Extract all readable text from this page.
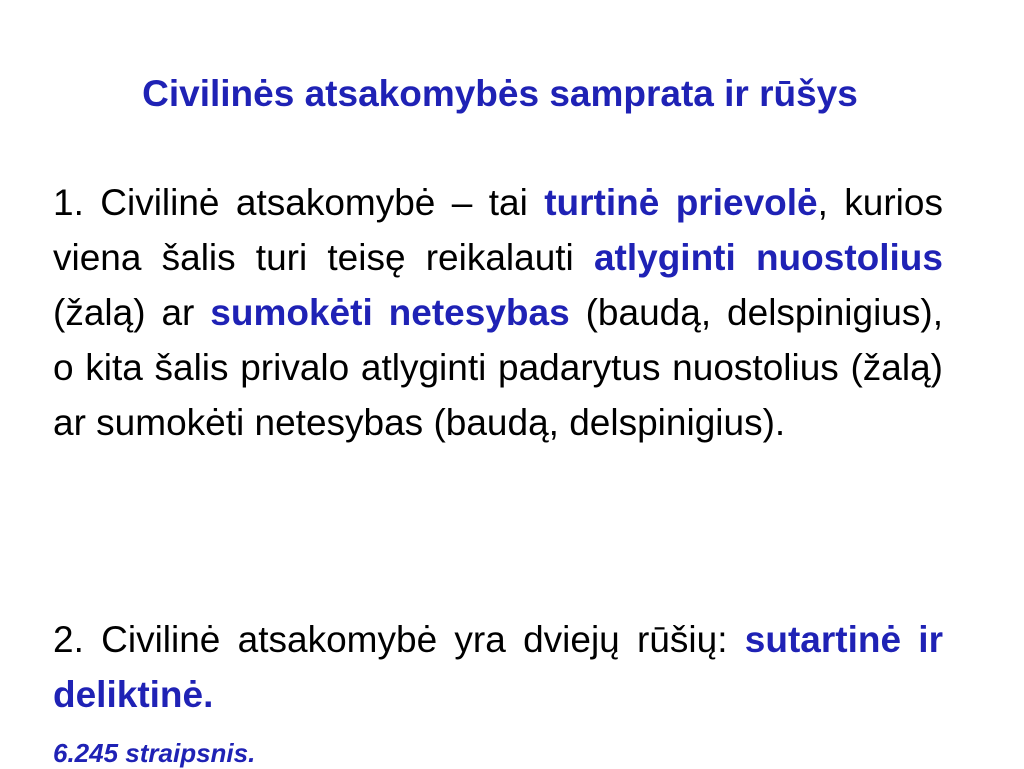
Civilinės atsakomybės samprata ir rūšys
1. Civilinė atsakomybė – tai turtinė prievolė, kurios viena šalis turi teisę reikalauti atlyginti nuostolius (žalą) ar sumokėti netesybas (baudą, delspinigius), o kita šalis privalo atlyginti padarytus nuostolius (žalą) ar sumokėti netesybas (baudą, delspinigius).
2. Civilinė atsakomybė yra dviejų rūšių: sutartinė ir deliktinė.
6.245 straipsnis.
